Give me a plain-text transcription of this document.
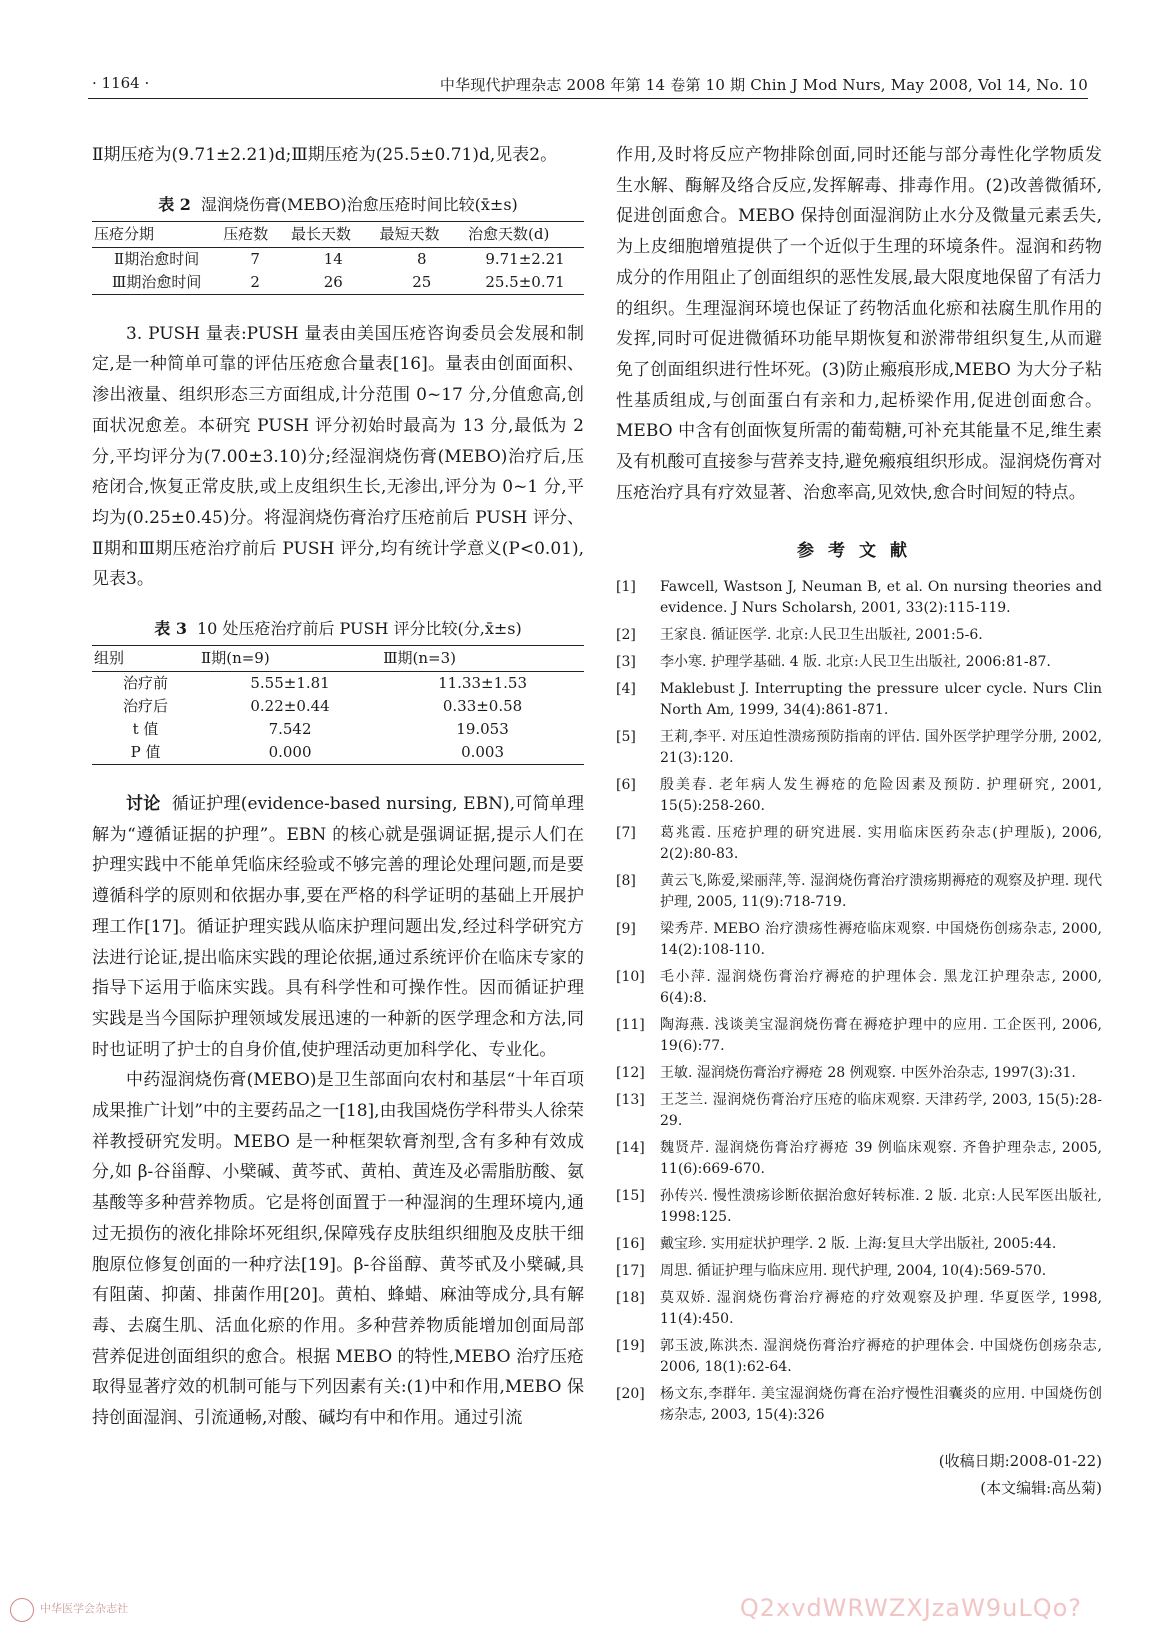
· 1164 ·	中华现代护理杂志 2008 年第 14 卷第 10 期 Chin J Mod Nurs, May 2008, Vol 14, No. 10

Ⅱ期压疮为(9.71±2.21)d;Ⅲ期压疮为(25.5±0.71)d,见表2。

表 2 湿润烧伤膏(MEBO)治愈压疮时间比较(x̄±s)
压疮分期	压疮数	最长天数	最短天数	治愈天数(d)
Ⅱ期治愈时间	7	14	8	9.71±2.21
Ⅲ期治愈时间	2	26	25	25.5±0.71

3. PUSH 量表:PUSH 量表由美国压疮咨询委员会发展和制定,是一种简单可靠的评估压疮愈合量表[16]。量表由创面面积、渗出液量、组织形态三方面组成,计分范围 0~17 分,分值愈高,创面状况愈差。本研究 PUSH 评分初始时最高为 13 分,最低为 2 分,平均评分为(7.00±3.10)分;经湿润烧伤膏(MEBO)治疗后,压疮闭合,恢复正常皮肤,或上皮组织生长,无渗出,评分为 0~1 分,平均为(0.25±0.45)分。将湿润烧伤膏治疗压疮前后 PUSH 评分、Ⅱ期和Ⅲ期压疮治疗前后 PUSH 评分,均有统计学意义(P<0.01),见表3。

表 3 10 处压疮治疗前后 PUSH 评分比较(分,x̄±s)
组别	Ⅱ期(n=9)	Ⅲ期(n=3)
治疗前	5.55±1.81	11.33±1.53
治疗后	0.22±0.44	0.33±0.58
t 值	7.542	19.053
P 值	0.000	0.003

讨论 循证护理(evidence-based nursing, EBN),可简单理解为“遵循证据的护理”。EBN 的核心就是强调证据,提示人们在护理实践中不能单凭临床经验或不够完善的理论处理问题,而是要遵循科学的原则和依据办事,要在严格的科学证明的基础上开展护理工作[17]。循证护理实践从临床护理问题出发,经过科学研究方法进行论证,提出临床实践的理论依据,通过系统评价在临床专家的指导下运用于临床实践。具有科学性和可操作性。因而循证护理实践是当今国际护理领域发展迅速的一种新的医学理念和方法,同时也证明了护士的自身价值,使护理活动更加科学化、专业化。

中药湿润烧伤膏(MEBO)是卫生部面向农村和基层“十年百项成果推广计划”中的主要药品之一[18],由我国烧伤学科带头人徐荣祥教授研究发明。MEBO 是一种框架软膏剂型,含有多种有效成分,如 β-谷甾醇、小檗碱、黄芩甙、黄柏、黄连及必需脂肪酸、氨基酸等多种营养物质。它是将创面置于一种湿润的生理环境内,通过无损伤的液化排除坏死组织,保障残存皮肤组织细胞及皮肤干细胞原位修复创面的一种疗法[19]。β-谷甾醇、黄芩甙及小檗碱,具有阻菌、抑菌、排菌作用[20]。黄柏、蜂蜡、麻油等成分,具有解毒、去腐生肌、活血化瘀的作用。多种营养物质能增加创面局部营养促进创面组织的愈合。根据 MEBO 的特性,MEBO 治疗压疮取得显著疗效的机制可能与下列因素有关:(1)中和作用,MEBO 保持创面湿润、引流通畅,对酸、碱均有中和作用。通过引流

作用,及时将反应产物排除创面,同时还能与部分毒性化学物质发生水解、酶解及络合反应,发挥解毒、排毒作用。(2)改善微循环,促进创面愈合。MEBO 保持创面湿润防止水分及微量元素丢失,为上皮细胞增殖提供了一个近似于生理的环境条件。湿润和药物成分的作用阻止了创面组织的恶性发展,最大限度地保留了有活力的组织。生理湿润环境也保证了药物活血化瘀和祛腐生肌作用的发挥,同时可促进微循环功能早期恢复和淤滞带组织复生,从而避免了创面组织进行性坏死。(3)防止瘢痕形成,MEBO 为大分子粘性基质组成,与创面蛋白有亲和力,起桥梁作用,促进创面愈合。MEBO 中含有创面恢复所需的葡萄糖,可补充其能量不足,维生素及有机酸可直接参与营养支持,避免瘢痕组织形成。湿润烧伤膏对压疮治疗具有疗效显著、治愈率高,见效快,愈合时间短的特点。

参考文献
[1]	Fawcell, Wastson J, Neuman B, et al. On nursing theories and evidence. J Nurs Scholarsh, 2001, 33(2):115-119.
[2]	王家良. 循证医学. 北京:人民卫生出版社, 2001:5-6.
[3]	李小寒. 护理学基础. 4 版. 北京:人民卫生出版社, 2006:81-87.
[4]	Maklebust J. Interrupting the pressure ulcer cycle. Nurs Clin North Am, 1999, 34(4):861-871.
[5]	王莉,李平. 对压迫性溃疡预防指南的评估. 国外医学护理学分册, 2002, 21(3):120.
[6]	殷美春. 老年病人发生褥疮的危险因素及预防. 护理研究, 2001, 15(5):258-260.
[7]	葛兆霞. 压疮护理的研究进展. 实用临床医药杂志(护理版), 2006, 2(2):80-83.
[8]	黄云飞,陈爱,梁丽萍,等. 湿润烧伤膏治疗溃疡期褥疮的观察及护理. 现代护理, 2005, 11(9):718-719.
[9]	梁秀芹. MEBO 治疗溃疡性褥疮临床观察. 中国烧伤创疡杂志, 2000, 14(2):108-110.
[10]	毛小萍. 湿润烧伤膏治疗褥疮的护理体会. 黑龙江护理杂志, 2000, 6(4):8.
[11]	陶海燕. 浅谈美宝湿润烧伤膏在褥疮护理中的应用. 工企医刊, 2006, 19(6):77.
[12]	王敏. 湿润烧伤膏治疗褥疮 28 例观察. 中医外治杂志, 1997(3):31.
[13]	王芝兰. 湿润烧伤膏治疗压疮的临床观察. 天津药学, 2003, 15(5):28-29.
[14]	魏贤芹. 湿润烧伤膏治疗褥疮 39 例临床观察. 齐鲁护理杂志, 2005, 11(6):669-670.
[15]	孙传兴. 慢性溃疡诊断依据治愈好转标准. 2 版. 北京:人民军医出版社, 1998:125.
[16]	戴宝珍. 实用症状护理学. 2 版. 上海:复旦大学出版社, 2005:44.
[17]	周思. 循证护理与临床应用. 现代护理, 2004, 10(4):569-570.
[18]	莫双娇. 湿润烧伤膏治疗褥疮的疗效观察及护理. 华夏医学, 1998, 11(4):450.
[19]	郭玉波,陈洪杰. 湿润烧伤膏治疗褥疮的护理体会. 中国烧伤创疡杂志, 2006, 18(1):62-64.
[20]	杨文东,李群年. 美宝湿润烧伤膏在治疗慢性泪囊炎的应用. 中国烧伤创疡杂志, 2003, 15(4):326
(收稿日期:2008-01-22)
(本文编辑:高丛菊)
中华医学会杂志社	Q2xvdWRWZXJzaW9uLQo?
